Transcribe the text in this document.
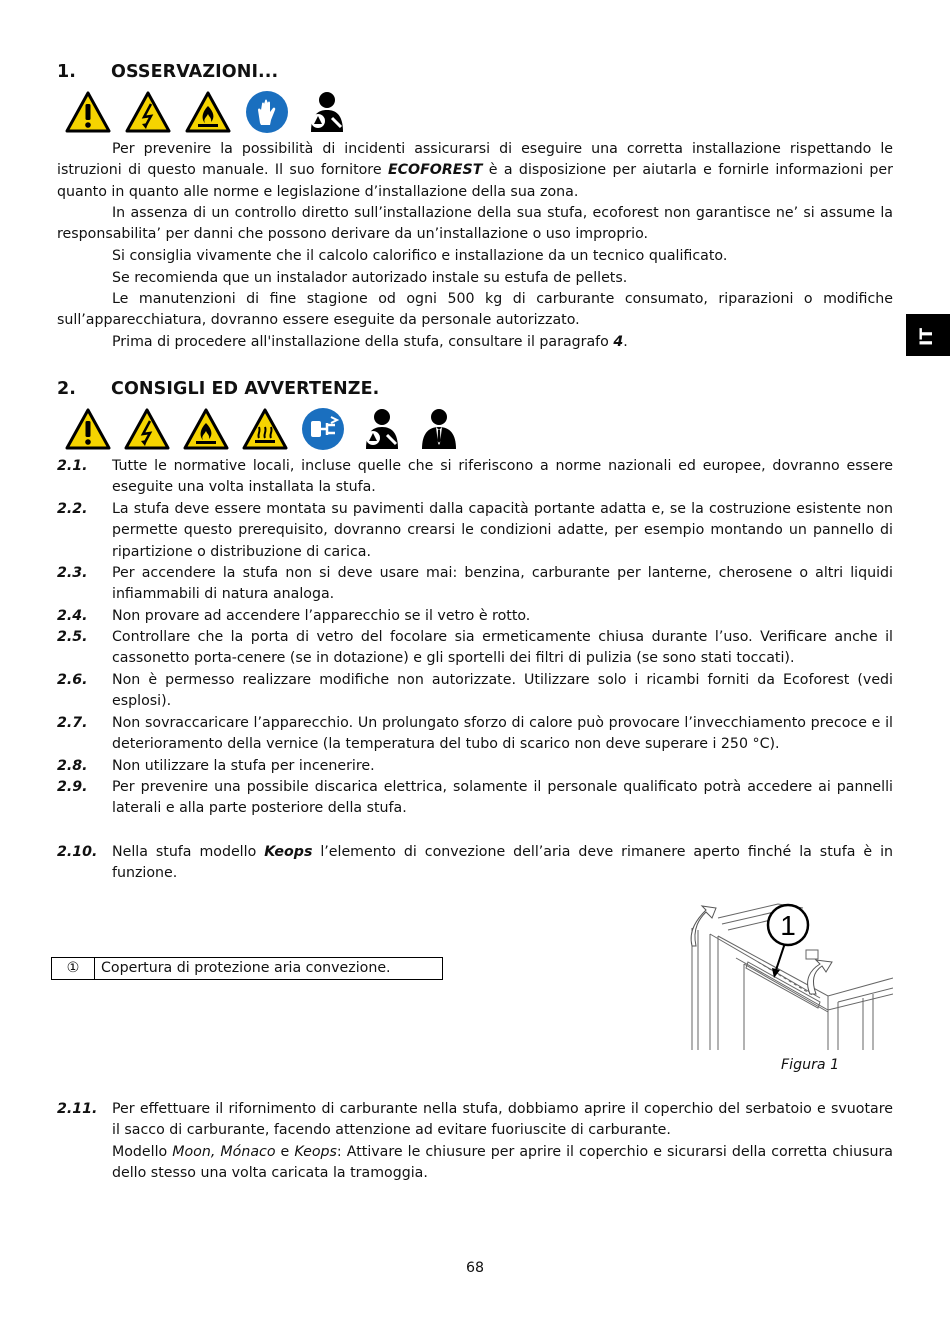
1. OSSERVAZIONI...
Per prevenire la possibilità di incidenti assicurarsi di eseguire una corretta installazione rispettando le istruzioni di questo manuale. Il suo fornitore ECOFOREST è a disposizione per aiutarla e fornirle informazioni per quanto in quanto alle norme e legislazione d’installazione della sua zona.
In assenza di un controllo diretto sull’installazione della sua stufa, ecoforest non garantisce ne’ si assume la responsabilita’ per danni che possono derivare da un’installazione o uso improprio.
Si consiglia vivamente che il calcolo calorifico e installazione da un tecnico qualificato.
Se recomienda que un instalador autorizado instale su estufa de pellets.
Le manutenzioni di fine stagione od ogni 500 kg di carburante consumato, riparazioni o modifiche sull’apparecchiatura, dovranno essere eseguite da personale autorizzato.
Prima di procedere all'installazione della stufa, consultare il paragrafo 4.	IT
2. CONSIGLI ED AVVERTENZE.
2.1. Tutte le normative locali, incluse quelle che si riferiscono a norme nazionali ed europee, dovranno essere eseguite una volta installata la stufa.
2.2. La stufa deve essere montata su pavimenti dalla capacità portante adatta e, se la costruzione esistente non permette questo prerequisito, dovranno crearsi le condizioni adatte, per esempio montando un pannello di ripartizione o distribuzione di carica.
2.3. Per accendere la stufa non si deve usare mai: benzina, carburante per lanterne, cherosene o altri liquidi infiammabili di natura analoga.
2.4. Non provare ad accendere l’apparecchio se il vetro è rotto.
2.5. Controllare che la porta di vetro del focolare sia ermeticamente chiusa durante l’uso. Verificare anche il cassonetto porta-cenere (se in dotazione) e gli sportelli dei filtri di pulizia (se sono stati toccati).
2.6. Non è permesso realizzare modifiche non autorizzate. Utilizzare solo i ricambi forniti da Ecoforest (vedi esplosi).
2.7. Non sovraccaricare l’apparecchio. Un prolungato sforzo di calore può provocare l’invecchiamento precoce e il deterioramento della vernice (la temperatura del tubo di scarico non deve superare i 250 °C).
2.8. Non utilizzare la stufa per incenerire.
2.9. Per prevenire una possibile discarica elettrica, solamente il personale qualificato potrà accedere ai pannelli laterali e alla parte posteriore della stufa.
2.10. Nella stufa modello Keops l’elemento di convezione dell’aria deve rimanere aperto finché la stufa è in funzione.
①	Copertura di protezione aria convezione.
1
Figura 1
2.11. Per effettuare il rifornimento di carburante nella stufa, dobbiamo aprire il coperchio del serbatoio e svuotare il sacco di carburante, facendo attenzione ad evitare fuoriuscite di carburante.
Modello Moon, Mónaco e Keops: Attivare le chiusure per aprire il coperchio e sicurarsi della corretta chiusura dello stesso una volta caricata la tramoggia.
68
